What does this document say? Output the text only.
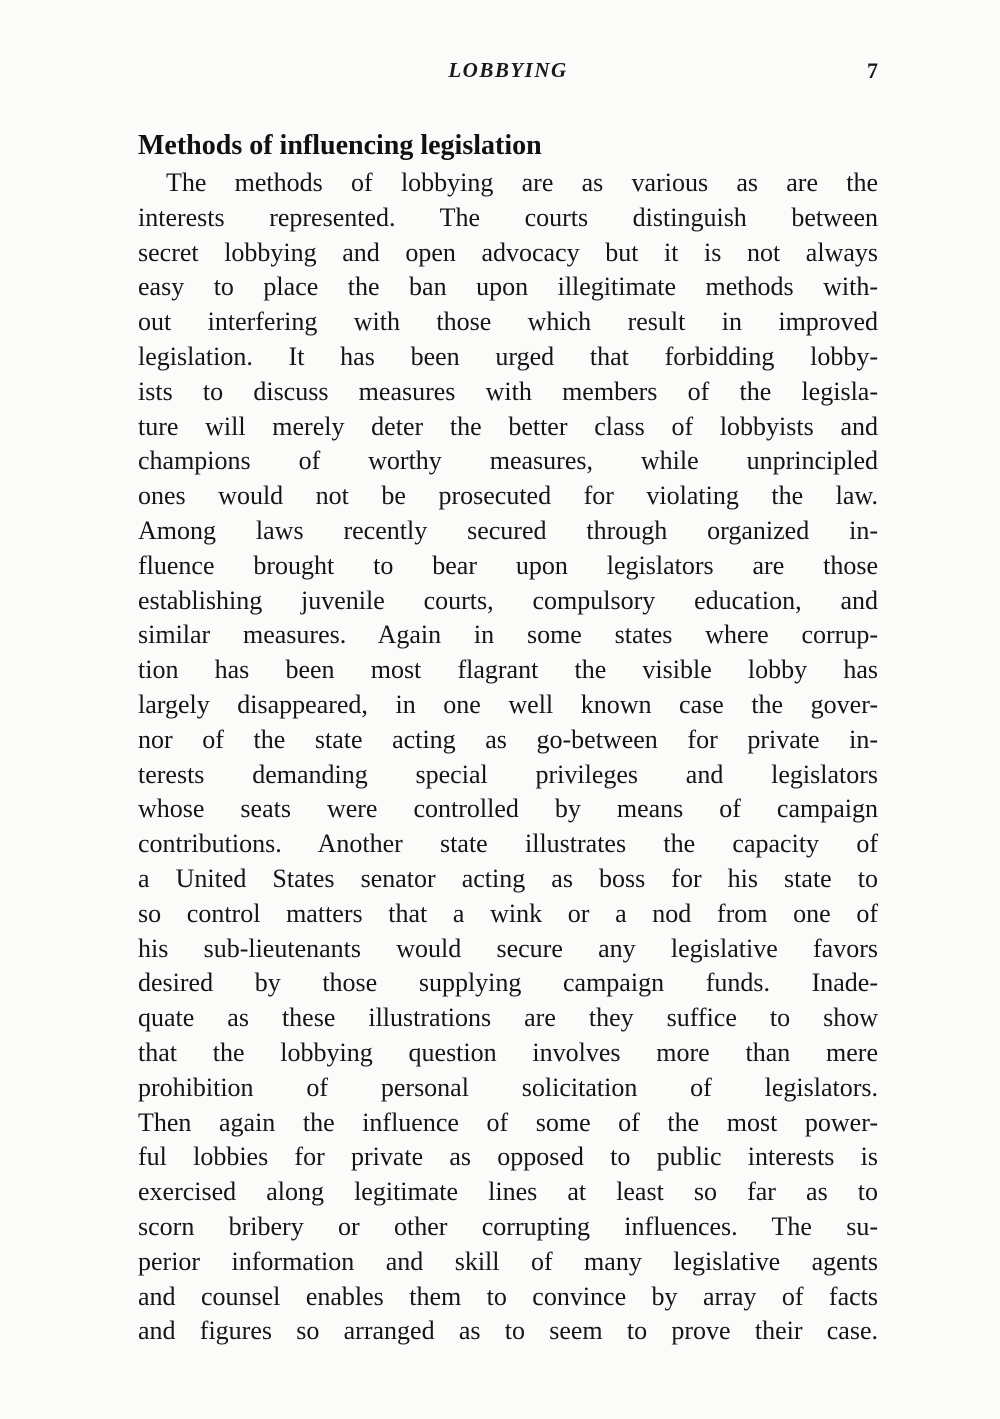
LOBBYING	7
Methods of influencing legislation
The methods of lobbying are as various as are the
interests represented. The courts distinguish between
secret lobbying and open advocacy but it is not always
easy to place the ban upon illegitimate methods with-
out interfering with those which result in improved
legislation. It has been urged that forbidding lobby-
ists to discuss measures with members of the legisla-
ture will merely deter the better class of lobbyists and
champions of worthy measures, while unprincipled
ones would not be prosecuted for violating the law.
Among laws recently secured through organized in-
fluence brought to bear upon legislators are those
establishing juvenile courts, compulsory education, and
similar measures. Again in some states where corrup-
tion has been most flagrant the visible lobby has
largely disappeared, in one well known case the gover-
nor of the state acting as go-between for private in-
terests demanding special privileges and legislators
whose seats were controlled by means of campaign
contributions. Another state illustrates the capacity of
a United States senator acting as boss for his state to
so control matters that a wink or a nod from one of
his sub-lieutenants would secure any legislative favors
desired by those supplying campaign funds. Inade-
quate as these illustrations are they suffice to show
that the lobbying question involves more than mere
prohibition of personal solicitation of legislators.
Then again the influence of some of the most power-
ful lobbies for private as opposed to public interests is
exercised along legitimate lines at least so far as to
scorn bribery or other corrupting influences. The su-
perior information and skill of many legislative agents
and counsel enables them to convince by array of facts
and figures so arranged as to seem to prove their case.
